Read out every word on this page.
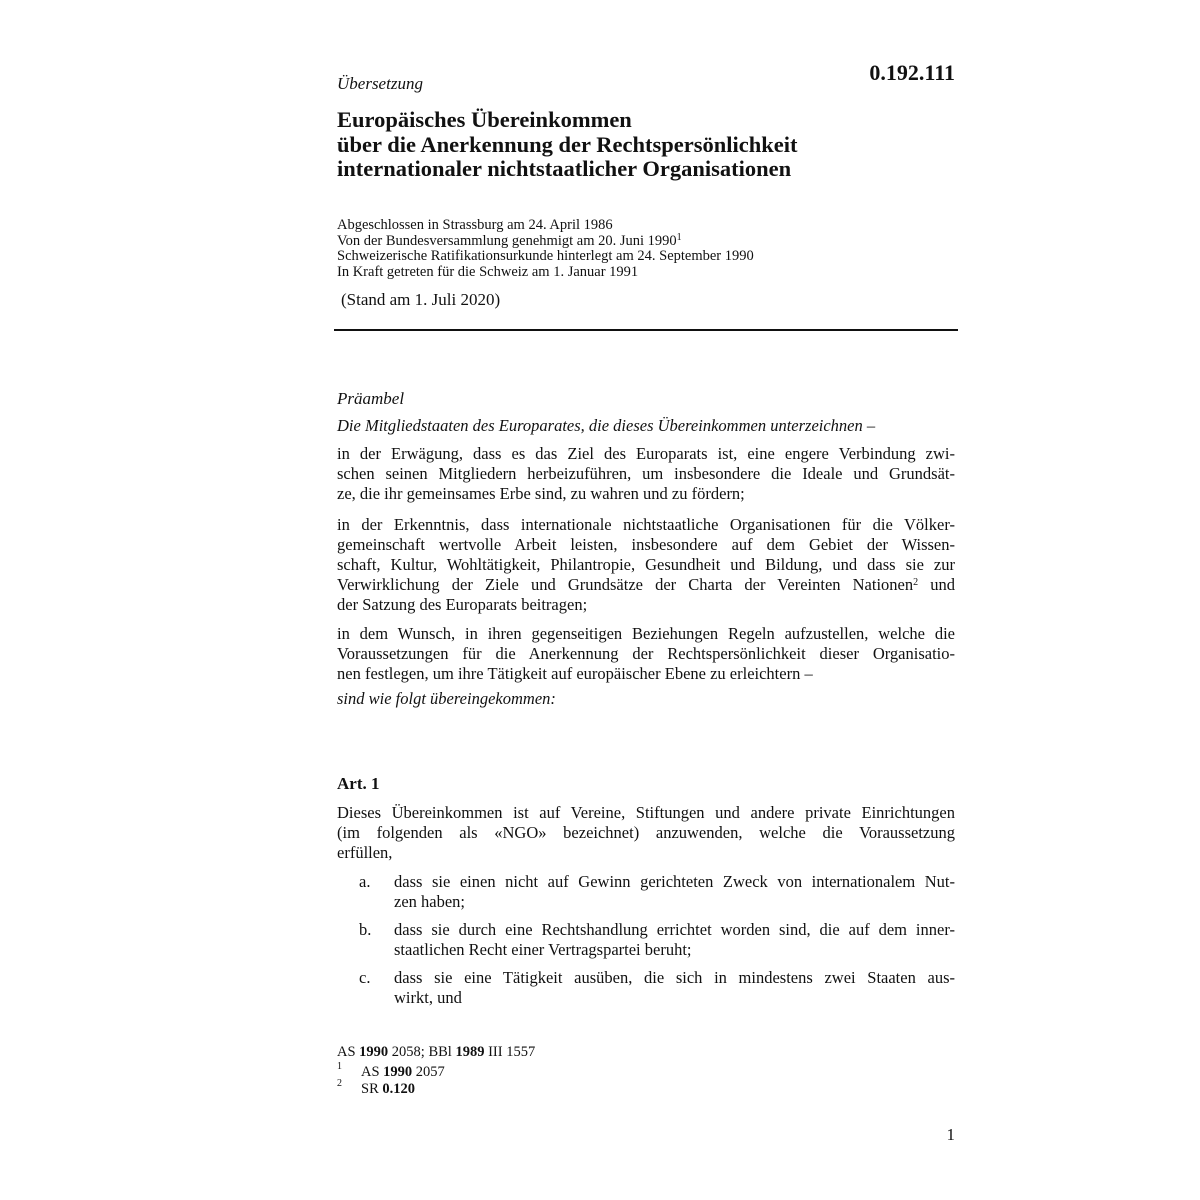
Übersetzung	0.192.111
Europäisches Übereinkommen
über die Anerkennung der Rechtspersönlichkeit
internationaler nichtstaatlicher Organisationen
Abgeschlossen in Strassburg am 24. April 1986
Von der Bundesversammlung genehmigt am 20. Juni 1990$^1$
Schweizerische Ratifikationsurkunde hinterlegt am 24. September 1990
In Kraft getreten für die Schweiz am 1. Januar 1991
(Stand am 1. Juli 2020)
Präambel
Die Mitgliedstaaten des Europarates, die dieses Übereinkommen unterzeichnen –
in der Erwägung, dass es das Ziel des Europarats ist, eine engere Verbindung zwi-
schen seinen Mitgliedern herbeizuführen, um insbesondere die Ideale und Grundsät-
ze, die ihr gemeinsames Erbe sind, zu wahren und zu fördern;
in der Erkenntnis, dass internationale nichtstaatliche Organisationen für die Völker-
gemeinschaft wertvolle Arbeit leisten, insbesondere auf dem Gebiet der Wissen-
schaft, Kultur, Wohltätigkeit, Philantropie, Gesundheit und Bildung, und dass sie zur
Verwirklichung der Ziele und Grundsätze der Charta der Vereinten Nationen$^2$ und
der Satzung des Europarats beitragen;
in dem Wunsch, in ihren gegenseitigen Beziehungen Regeln aufzustellen, welche die
Voraussetzungen für die Anerkennung der Rechtspersönlichkeit dieser Organisatio-
nen festlegen, um ihre Tätigkeit auf europäischer Ebene zu erleichtern –
sind wie folgt übereingekommen:
Art. 1
Dieses Übereinkommen ist auf Vereine, Stiftungen und andere private Einrichtungen
(im folgenden als «NGO» bezeichnet) anzuwenden, welche die Voraussetzung
erfüllen,
a. dass sie einen nicht auf Gewinn gerichteten Zweck von internationalem Nut-
zen haben;
b. dass sie durch eine Rechtshandlung errichtet worden sind, die auf dem inner-
staatlichen Recht einer Vertragspartei beruht;
c. dass sie eine Tätigkeit ausüben, die sich in mindestens zwei Staaten aus-
wirkt, und
AS 1990 2058; BBl 1989 III 1557
1 AS 1990 2057
2 SR 0.120
1
